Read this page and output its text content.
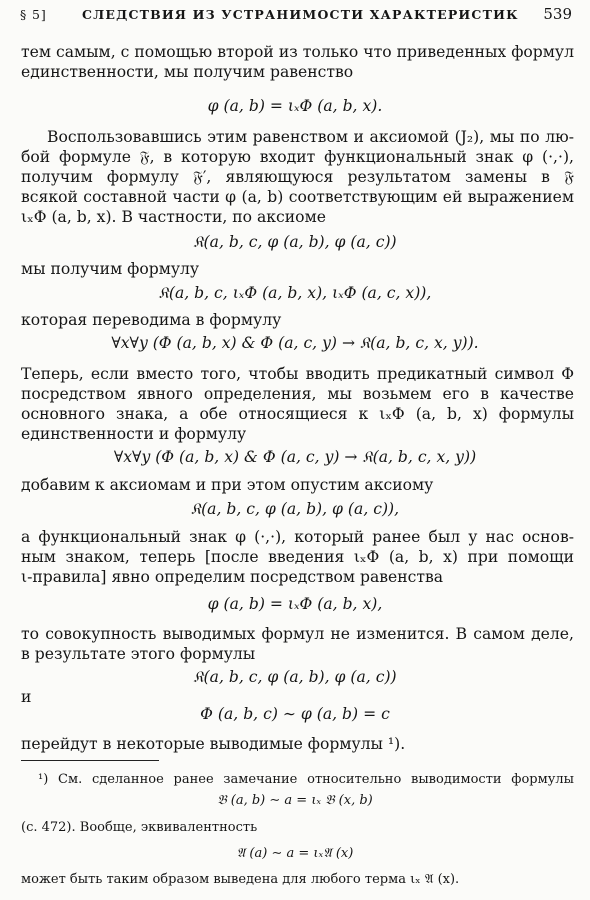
§ 5]	СЛЕДСТВИЯ ИЗ УСТРАНИМОСТИ ХАРАКТЕРИСТИК 539
тем самым, с помощью второй из только что приведенных формул
единственности, мы получим равенство
φ (a, b) = ιₓΦ (a, b, x).
Воспользовавшись этим равенством и аксиомой (J₂), мы по лю-
бой формуле 𝔉, в которую входит функциональный знак φ (·,·),
получим формулу 𝔉′, являющуюся результатом замены в 𝔉
всякой составной части φ (a, b) соответствующим ей выражением
ιₓΦ (a, b, x). В частности, по аксиоме
𝔎(a, b, c, φ (a, b), φ (a, c))
мы получим формулу
𝔎(a, b, c, ιₓΦ (a, b, x), ιₓΦ (a, c, x)),
которая переводима в формулу
∀x∀y (Φ (a, b, x) & Φ (a, c, y) → 𝔎(a, b, c, x, y)).
Теперь, если вместо того, чтобы вводить предикатный символ Φ
посредством явного определения, мы возьмем его в качестве
основного знака, а обе относящиеся к ιₓΦ (a, b, x) формулы
единственности и формулу
∀x∀y (Φ (a, b, x) & Φ (a, c, y) → 𝔎(a, b, c, x, y))
добавим к аксиомам и при этом опустим аксиому
𝔎(a, b, c, φ (a, b), φ (a, c)),
а функциональный знак φ (·,·), который ранее был у нас основ-
ным знаком, теперь [после введения ιₓΦ (a, b, x) при помощи
ι-правила] явно определим посредством равенства
φ (a, b) = ιₓΦ (a, b, x),
то совокупность выводимых формул не изменится. В самом деле,
в результате этого формулы
𝔎(a, b, c, φ (a, b), φ (a, c))
и
Φ (a, b, c) ∼ φ (a, b) = c
перейдут в некоторые выводимые формулы ¹).
¹) См. сделанное ранее замечание относительно выводимости формулы
𝔅 (a, b) ∼ a = ιₓ 𝔅 (x, b)
(с. 472). Вообще, эквивалентность
𝔄 (a) ∼ a = ιₓ𝔄 (x)
может быть таким образом выведена для любого терма ιₓ 𝔄 (x).
